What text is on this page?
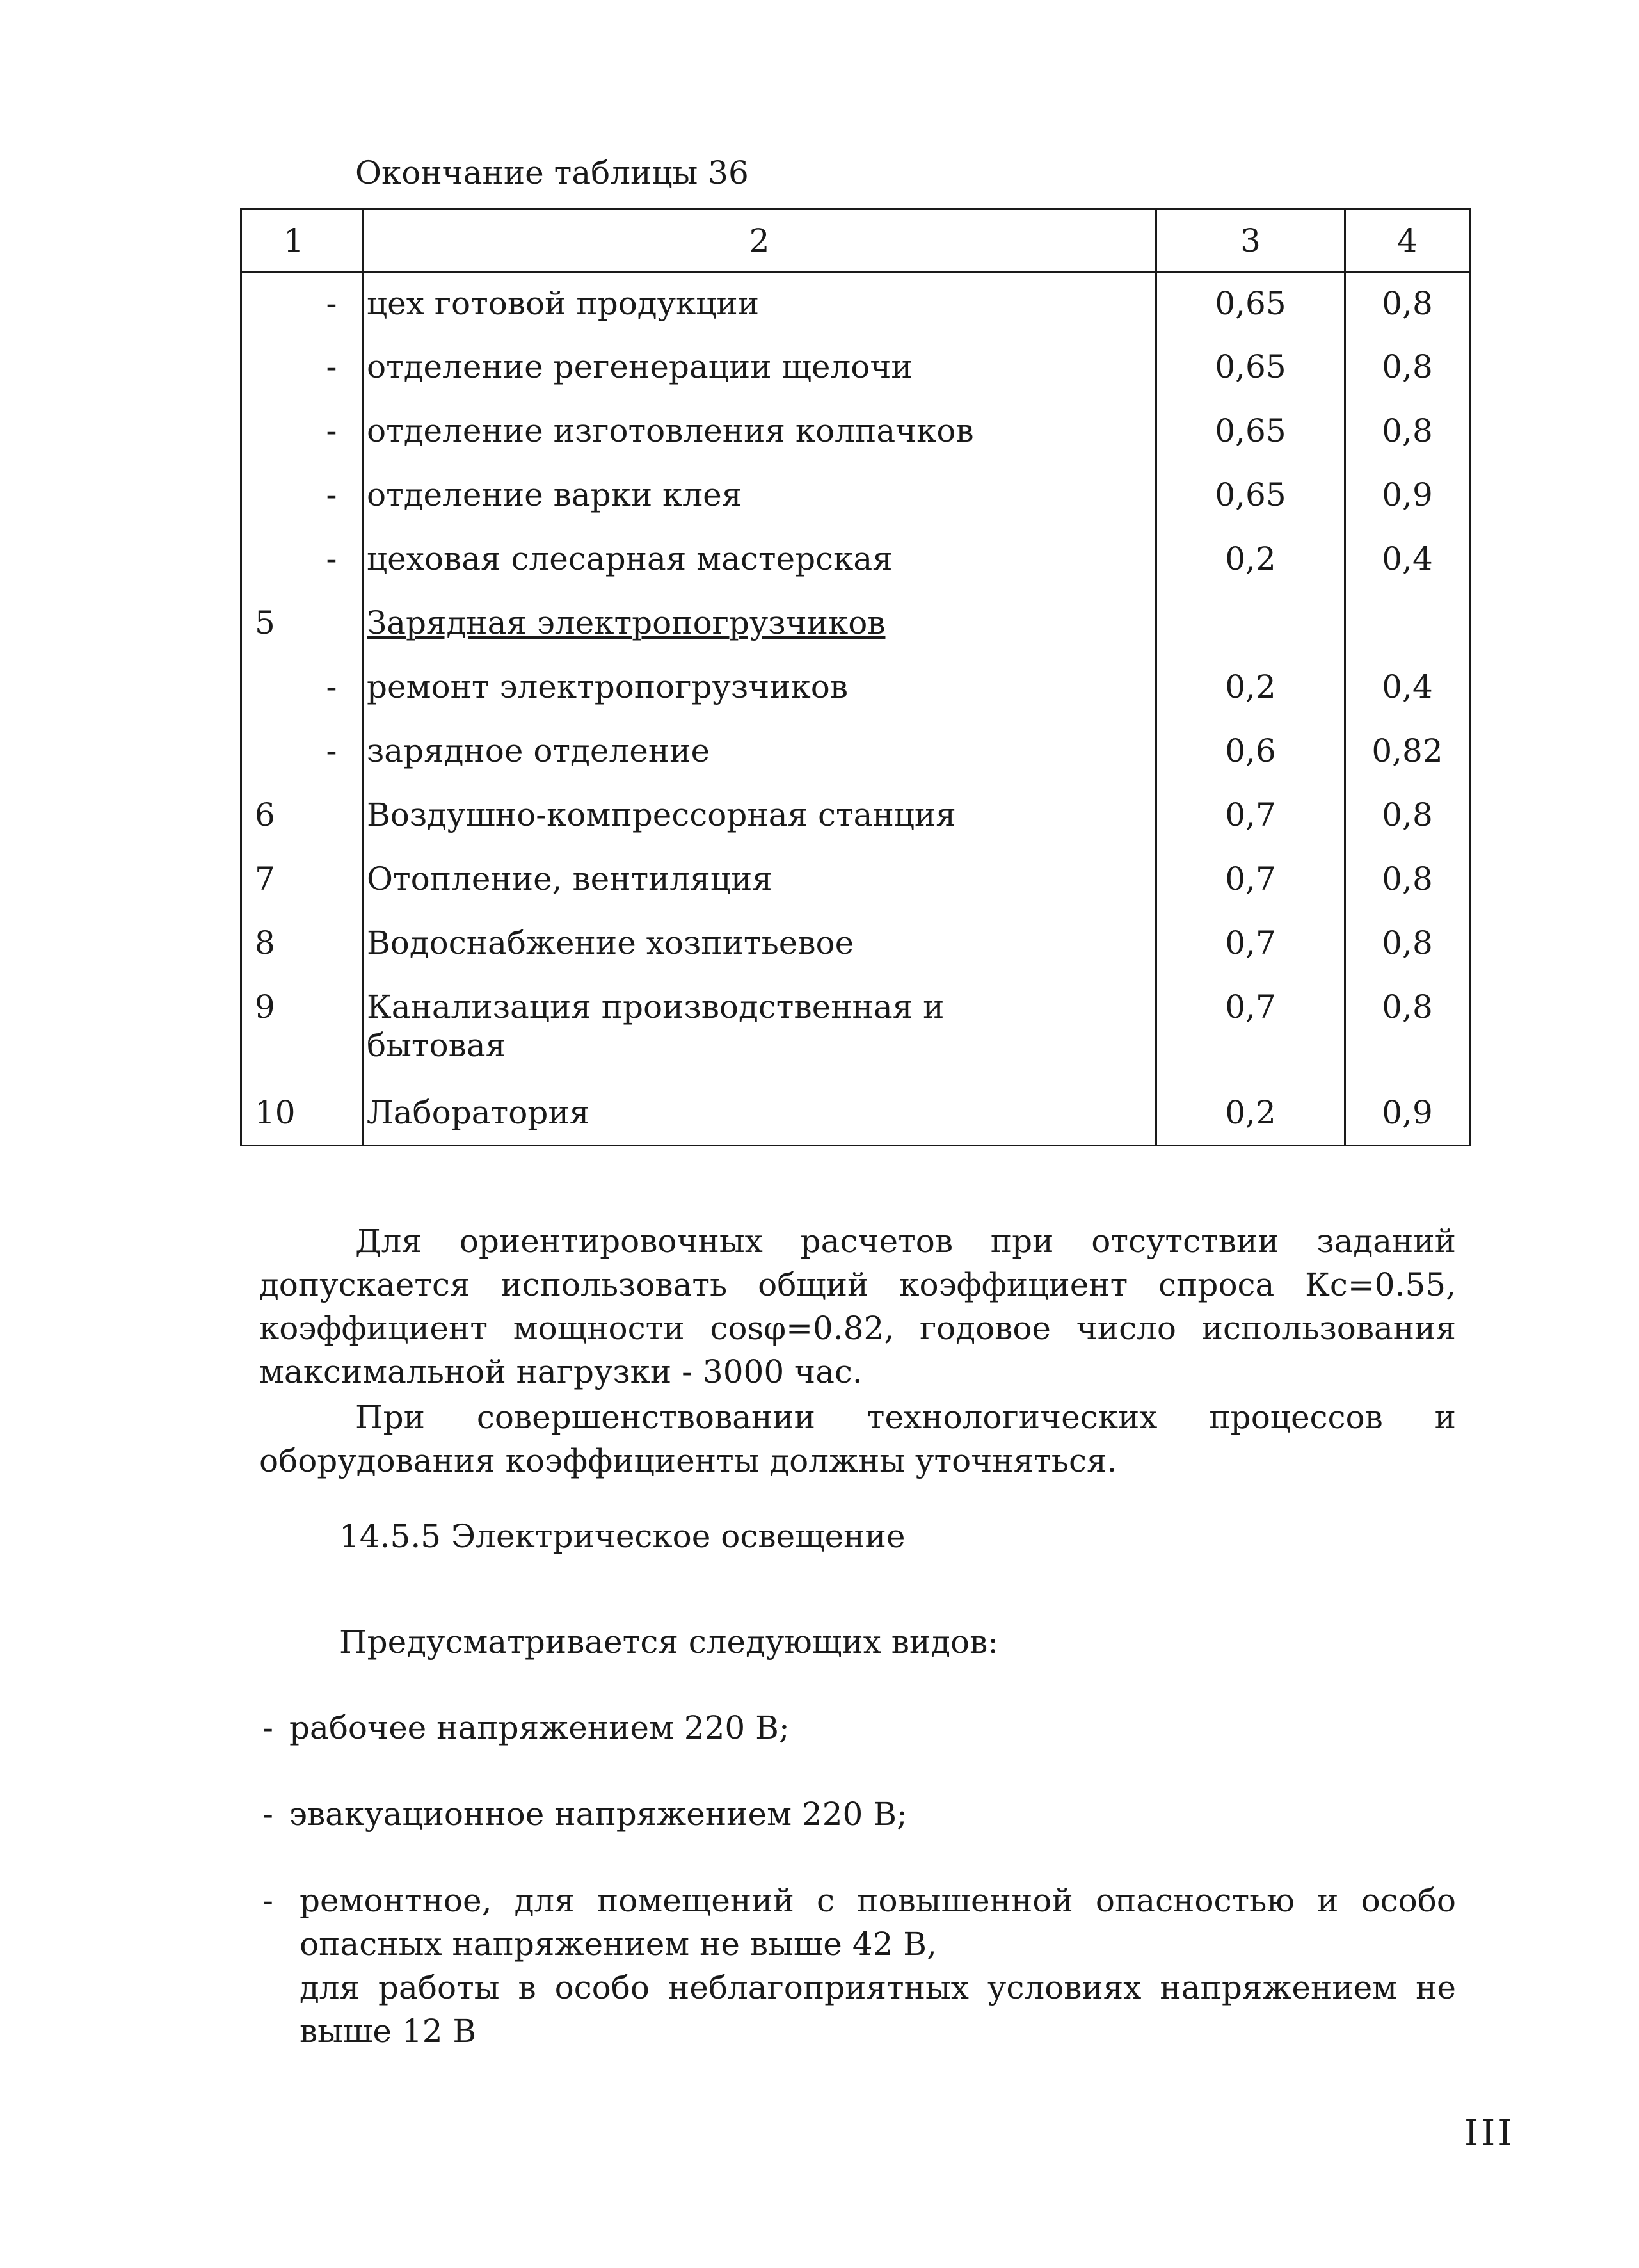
Окончание таблицы 36
1	2	3	4
	- цех готовой продукции	0,65	0,8
	- отделение регенерации щелочи	0,65	0,8
	- отделение изготовления колпачков	0,65	0,8
	- отделение варки клея	0,65	0,9
	- цеховая слесарная мастерская	0,2	0,4
5	Зарядная электропогрузчиков		
	- ремонт электропогрузчиков	0,2	0,4
	- зарядное отделение	0,6	0,82
6	Воздушно-компрессорная станция	0,7	0,8
7	Отопление, вентиляция	0,7	0,8
8	Водоснабжение хозпитьевое	0,7	0,8
9	Канализация производственная и бытовая	0,7	0,8
10	Лаборатория	0,2	0,9
Для ориентировочных расчетов при отсутствии заданий допускается использовать общий коэффициент спроса Кс=0.55, коэффициент мощности cosφ=0.82, годовое число использования максимальной нагрузки - 3000 час.
При совершенствовании технологических процессов и оборудования коэффициенты должны уточняться.
14.5.5 Электрическое освещение
Предусматривается следующих видов:
- рабочее напряжением 220 В;
- эвакуационное напряжением 220 В;
- ремонтное, для помещений с повышенной опасностью и особо опасных напряжением не выше 42 В,
для работы в особо неблагоприятных условиях напряжением не выше 12 В
III
